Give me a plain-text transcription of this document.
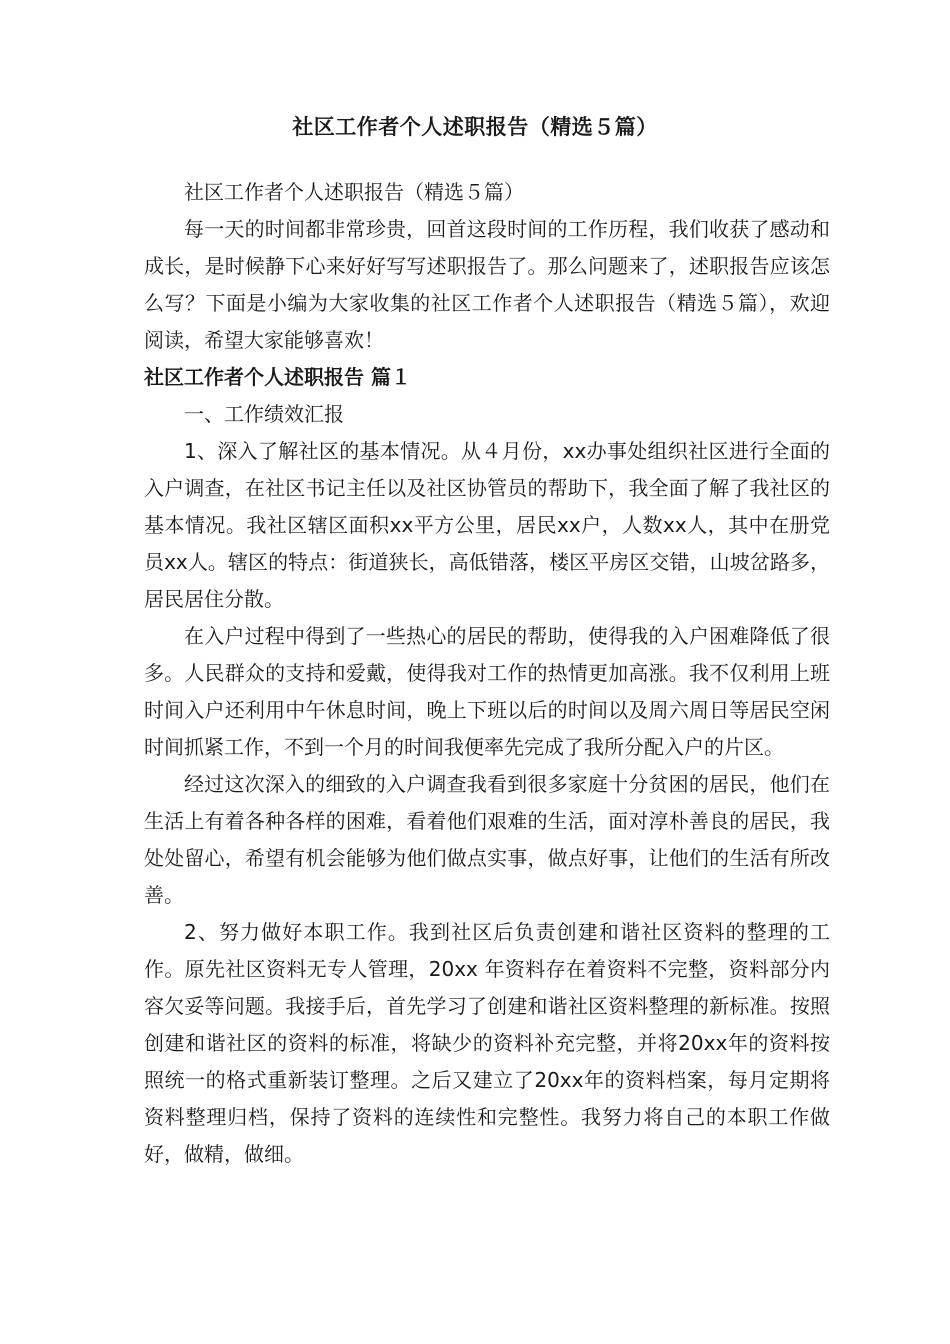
社区工作者个人述职报告（精选５篇）

社区工作者个人述职报告（精选５篇）

每一天的时间都非常珍贵，回首这段时间的工作历程，我们收获了感动和成长，是时候静下心来好好写写述职报告了。那么问题来了，述职报告应该怎么写？下面是小编为大家收集的社区工作者个人述职报告（精选５篇），欢迎阅读，希望大家能够喜欢！

社区工作者个人述职报告 篇１

一、工作绩效汇报

1、深入了解社区的基本情况。从４月份，xx办事处组织社区进行全面的入户调查，在社区书记主任以及社区协管员的帮助下，我全面了解了我社区的基本情况。我社区辖区面积xx平方公里，居民xx户，人数xx人，其中在册党员xx人。辖区的特点：街道狭长，高低错落，楼区平房区交错，山坡岔路多，居民居住分散。

在入户过程中得到了一些热心的居民的帮助，使得我的入户困难降低了很多。人民群众的支持和爱戴，使得我对工作的热情更加高涨。我不仅利用上班时间入户还利用中午休息时间，晚上下班以后的时间以及周六周日等居民空闲时间抓紧工作，不到一个月的时间我便率先完成了我所分配入户的片区。

经过这次深入的细致的入户调查我看到很多家庭十分贫困的居民，他们在生活上有着各种各样的困难，看着他们艰难的生活，面对淳朴善良的居民，我处处留心，希望有机会能够为他们做点实事，做点好事，让他们的生活有所改善。

2、努力做好本职工作。我到社区后负责创建和谐社区资料的整理的工作。原先社区资料无专人管理，20xx 年资料存在着资料不完整，资料部分内容欠妥等问题。我接手后，首先学习了创建和谐社区资料整理的新标准。按照创建和谐社区的资料的标准，将缺少的资料补充完整，并将20xx年的资料按照统一的格式重新装订整理。之后又建立了20xx年的资料档案，每月定期将资料整理归档，保持了资料的连续性和完整性。我努力将自己的本职工作做好，做精，做细。
